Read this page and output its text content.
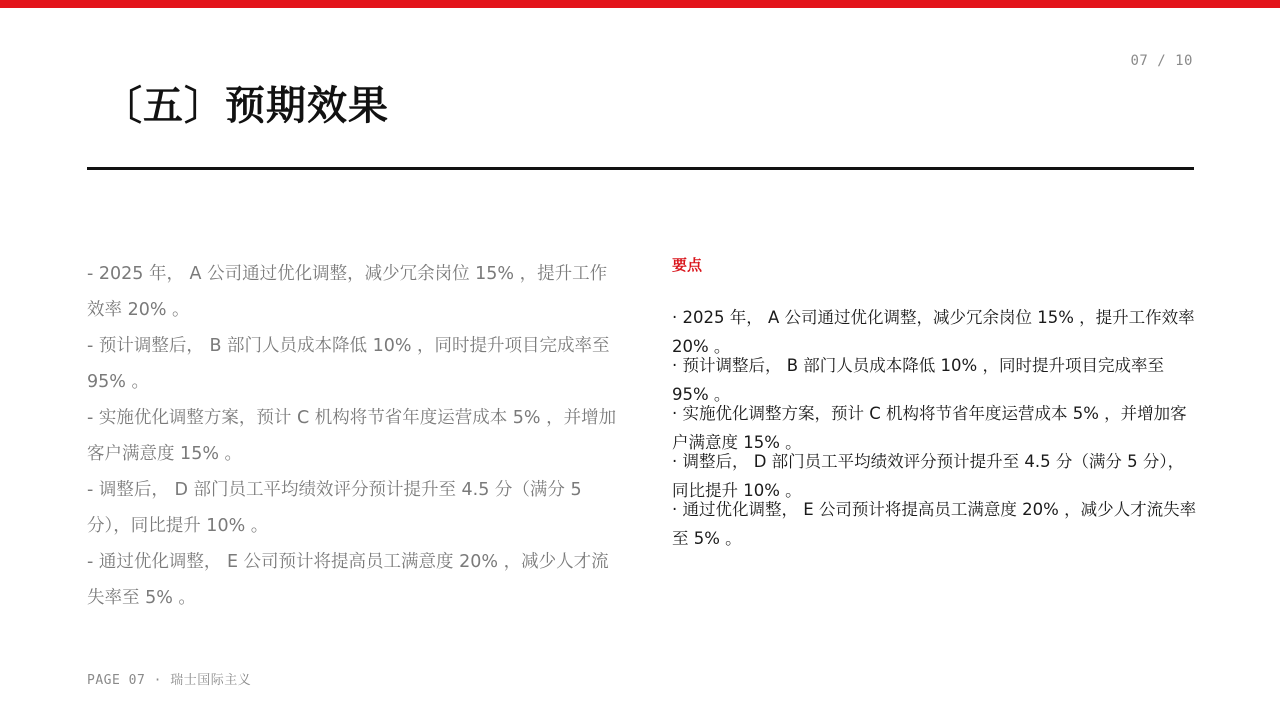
07 / 10
〔五〕预期效果
- 2025 年， A 公司通过优化调整，减少冗余岗位 15% ，提升工作效率 20% 。
- 预计调整后， B 部门人员成本降低 10% ，同时提升项目完成率至 95% 。
- 实施优化调整方案，预计 C 机构将节省年度运营成本 5% ，并增加客户满意度 15% 。
- 调整后， D 部门员工平均绩效评分预计提升至 4.5 分（满分 5 分），同比提升 10% 。
- 通过优化调整， E 公司预计将提高员工满意度 20% ，减少人才流失率至 5% 。
要点
· 2025 年， A 公司通过优化调整，减少冗余岗位 15% ，提升工作效率 20% 。
· 预计调整后， B 部门人员成本降低 10% ，同时提升项目完成率至 95% 。
· 实施优化调整方案，预计 C 机构将节省年度运营成本 5% ，并增加客户满意度 15% 。
· 调整后， D 部门员工平均绩效评分预计提升至 4.5 分（满分 5 分），同比提升 10% 。
· 通过优化调整， E 公司预计将提高员工满意度 20% ，减少人才流失率至 5% 。
PAGE 07 · 瑞士国际主义
